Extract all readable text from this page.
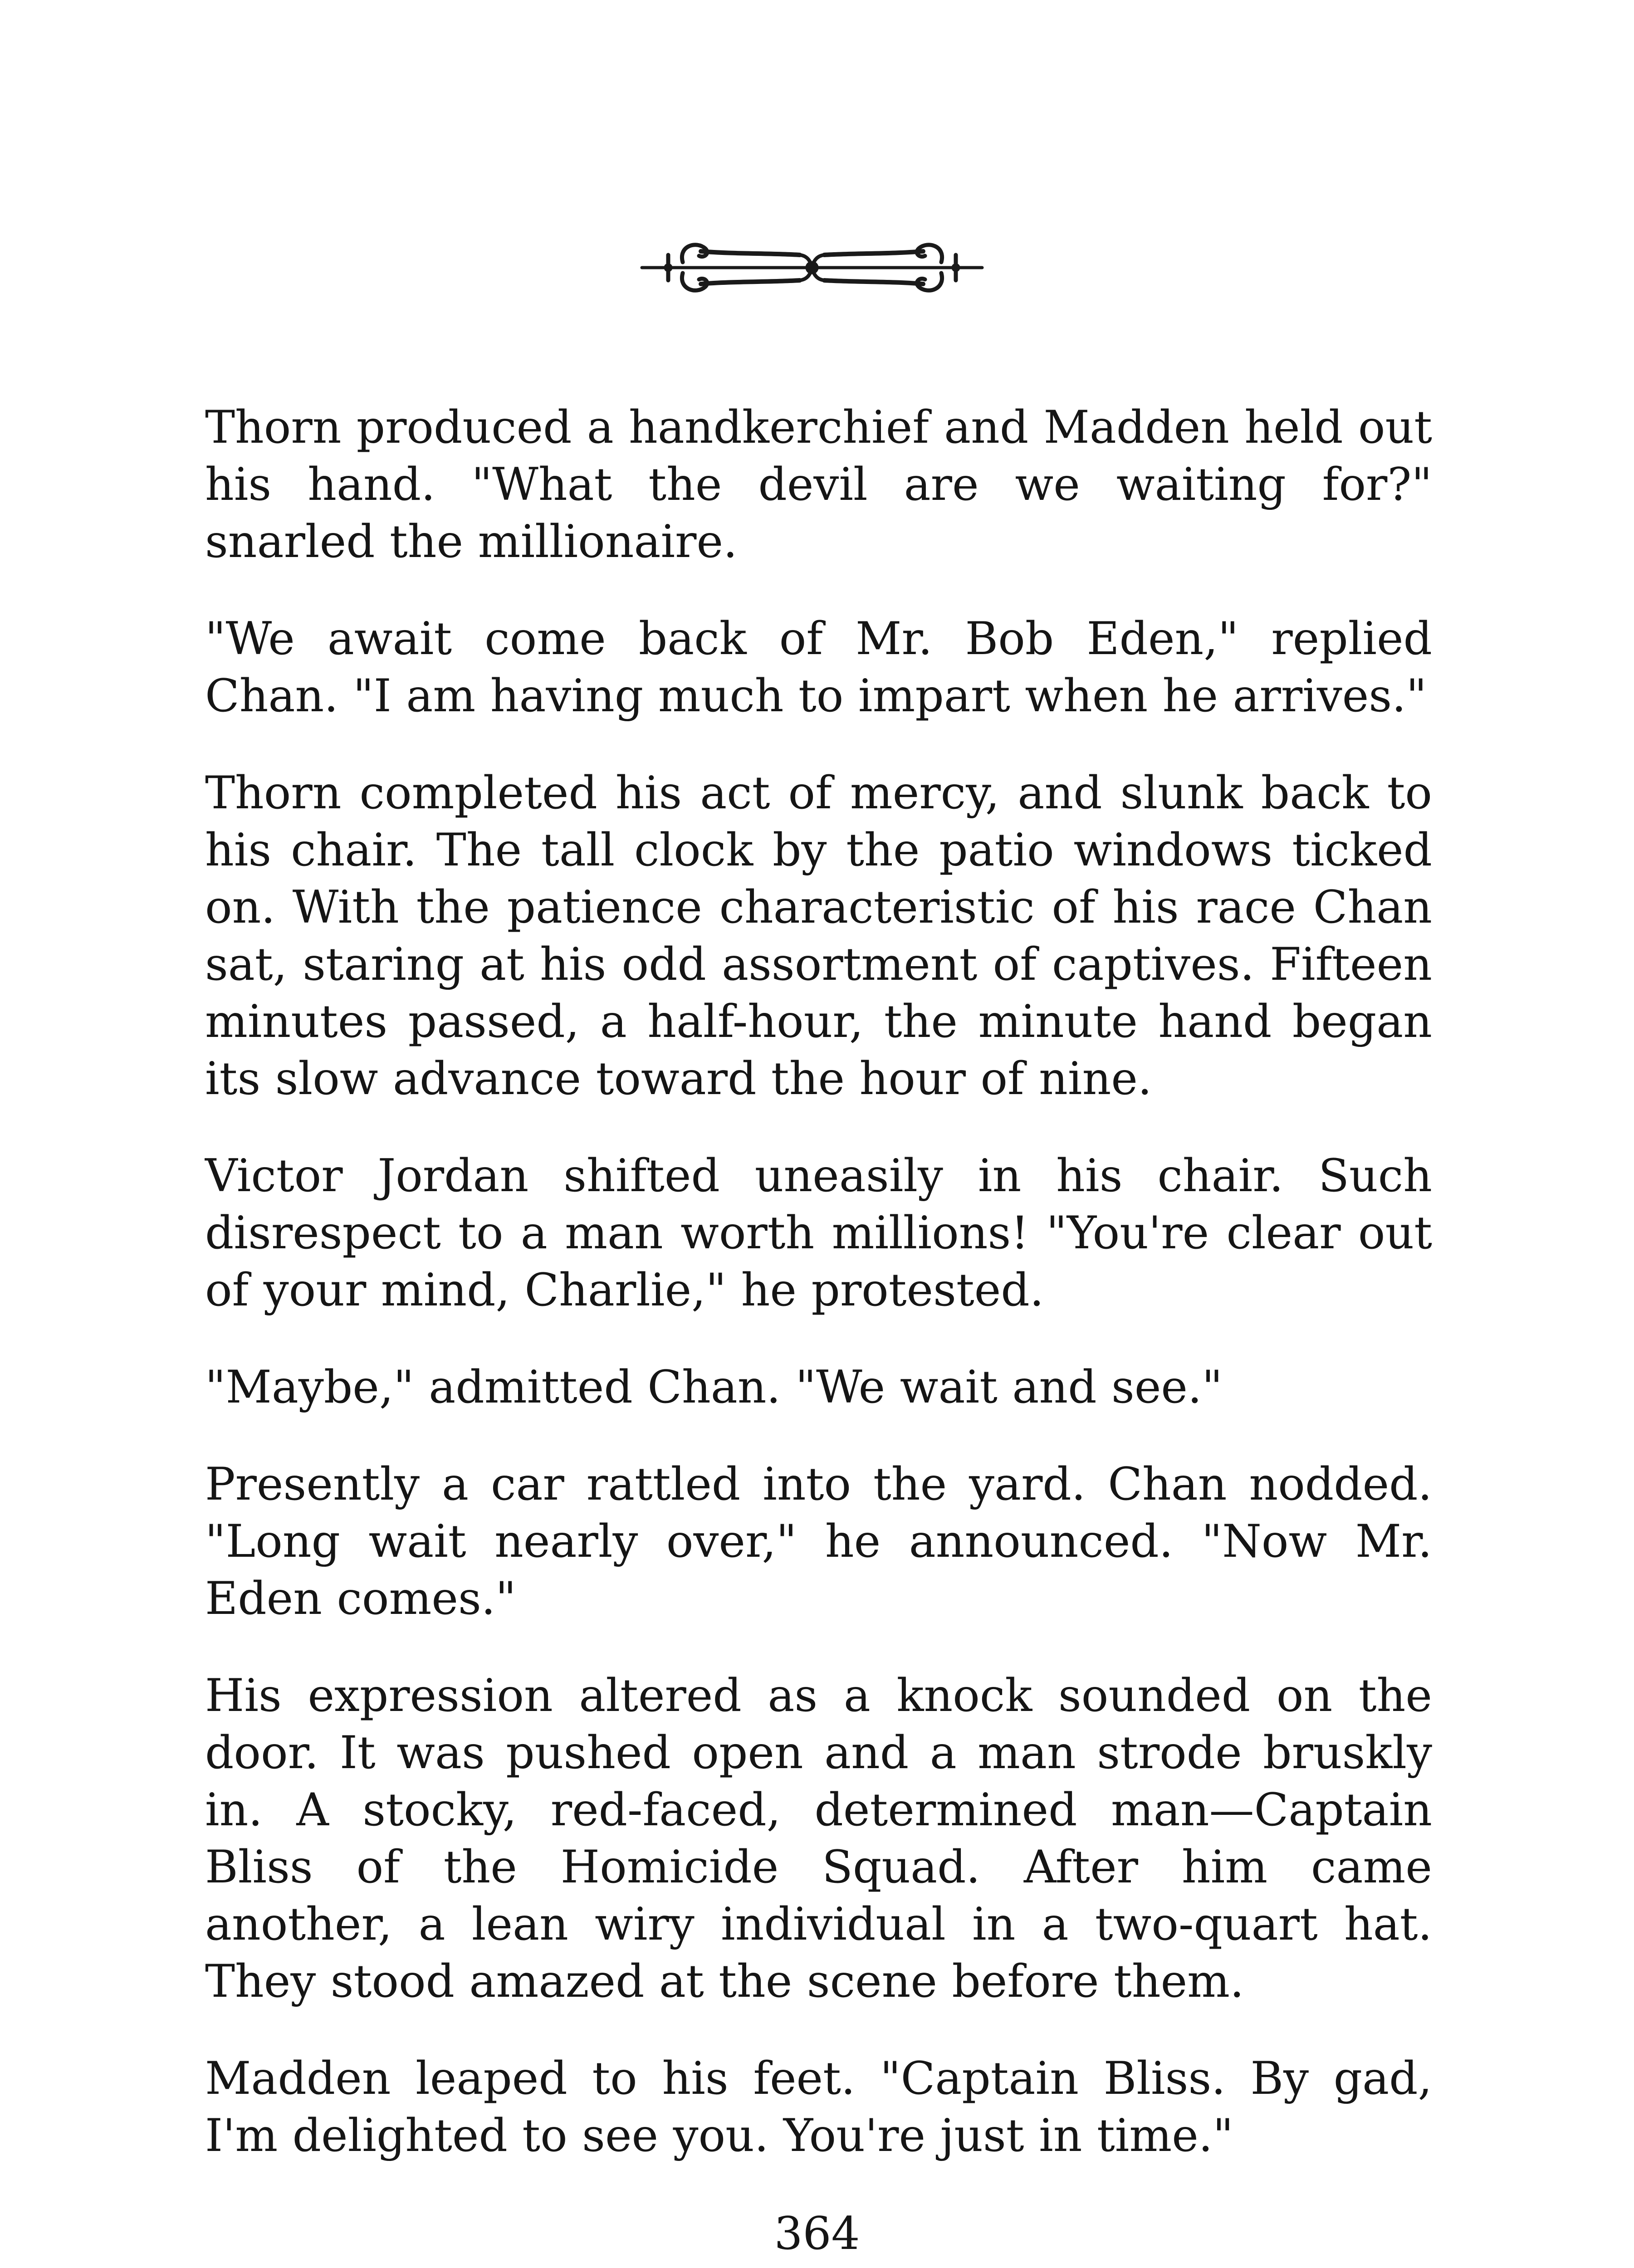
Thorn produced a handkerchief and Madden held out his hand. "What the devil are we waiting for?" snarled the millionaire.

"We await come back of Mr. Bob Eden," replied Chan. "I am having much to impart when he arrives."

Thorn completed his act of mercy, and slunk back to his chair. The tall clock by the patio windows ticked on. With the patience characteristic of his race Chan sat, staring at his odd assortment of captives. Fifteen minutes passed, a half-hour, the minute hand began its slow advance toward the hour of nine.

Victor Jordan shifted uneasily in his chair. Such disrespect to a man worth millions! "You're clear out of your mind, Charlie," he protested.

"Maybe," admitted Chan. "We wait and see."

Presently a car rattled into the yard. Chan nodded. "Long wait nearly over," he announced. "Now Mr. Eden comes."

His expression altered as a knock sounded on the door. It was pushed open and a man strode bruskly in. A stocky, red-faced, determined man—Captain Bliss of the Homicide Squad. After him came another, a lean wiry individual in a two-quart hat. They stood amazed at the scene before them.

Madden leaped to his feet. "Captain Bliss. By gad, I'm delighted to see you. You're just in time."

364
